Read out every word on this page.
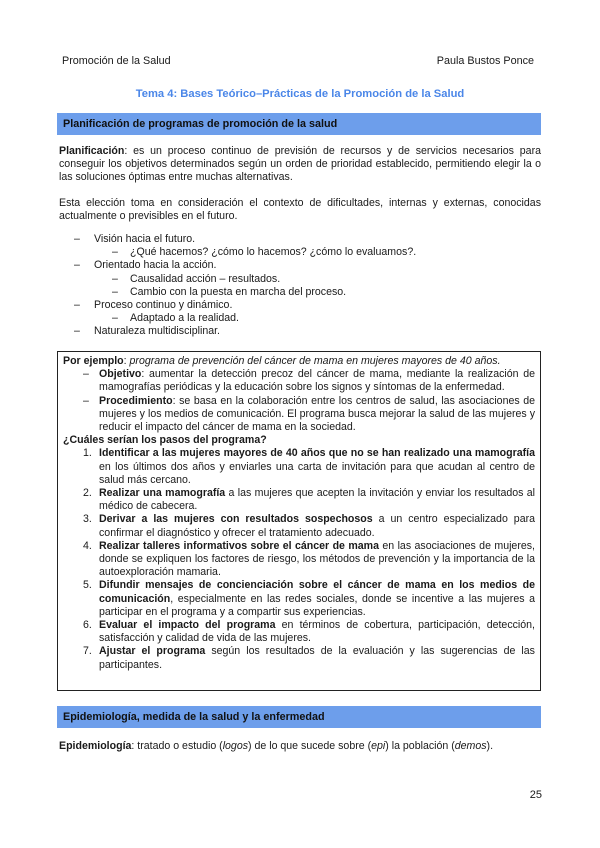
Promoción de la Salud	Paula Bustos Ponce
Tema 4: Bases Teórico–Prácticas de la Promoción de la Salud
Planificación de programas de promoción de la salud
Planificación: es un proceso continuo de previsión de recursos y de servicios necesarios para conseguir los objetivos determinados según un orden de prioridad establecido, permitiendo elegir la o las soluciones óptimas entre muchas alternativas.
Esta elección toma en consideración el contexto de dificultades, internas y externas, conocidas actualmente o previsibles en el futuro.
– Visión hacia el futuro.
– ¿Qué hacemos? ¿cómo lo hacemos? ¿cómo lo evaluamos?.
– Orientado hacia la acción.
– Causalidad acción – resultados.
– Cambio con la puesta en marcha del proceso.
– Proceso continuo y dinámico.
– Adaptado a la realidad.
– Naturaleza multidisciplinar.
Por ejemplo: programa de prevención del cáncer de mama en mujeres mayores de 40 años.
– Objetivo: aumentar la detección precoz del cáncer de mama, mediante la realización de mamografías periódicas y la educación sobre los signos y síntomas de la enfermedad.
– Procedimiento: se basa en la colaboración entre los centros de salud, las asociaciones de mujeres y los medios de comunicación. El programa busca mejorar la salud de las mujeres y reducir el impacto del cáncer de mama en la sociedad.
¿Cuáles serían los pasos del programa?
1. Identificar a las mujeres mayores de 40 años que no se han realizado una mamografía en los últimos dos años y enviarles una carta de invitación para que acudan al centro de salud más cercano.
2. Realizar una mamografía a las mujeres que acepten la invitación y enviar los resultados al médico de cabecera.
3. Derivar a las mujeres con resultados sospechosos a un centro especializado para confirmar el diagnóstico y ofrecer el tratamiento adecuado.
4. Realizar talleres informativos sobre el cáncer de mama en las asociaciones de mujeres, donde se expliquen los factores de riesgo, los métodos de prevención y la importancia de la autoexploración mamaria.
5. Difundir mensajes de concienciación sobre el cáncer de mama en los medios de comunicación, especialmente en las redes sociales, donde se incentive a las mujeres a participar en el programa y a compartir sus experiencias.
6. Evaluar el impacto del programa en términos de cobertura, participación, detección, satisfacción y calidad de vida de las mujeres.
7. Ajustar el programa según los resultados de la evaluación y las sugerencias de las participantes.
Epidemiología, medida de la salud y la enfermedad
Epidemiología: tratado o estudio (logos) de lo que sucede sobre (epi) la población (demos).
25
